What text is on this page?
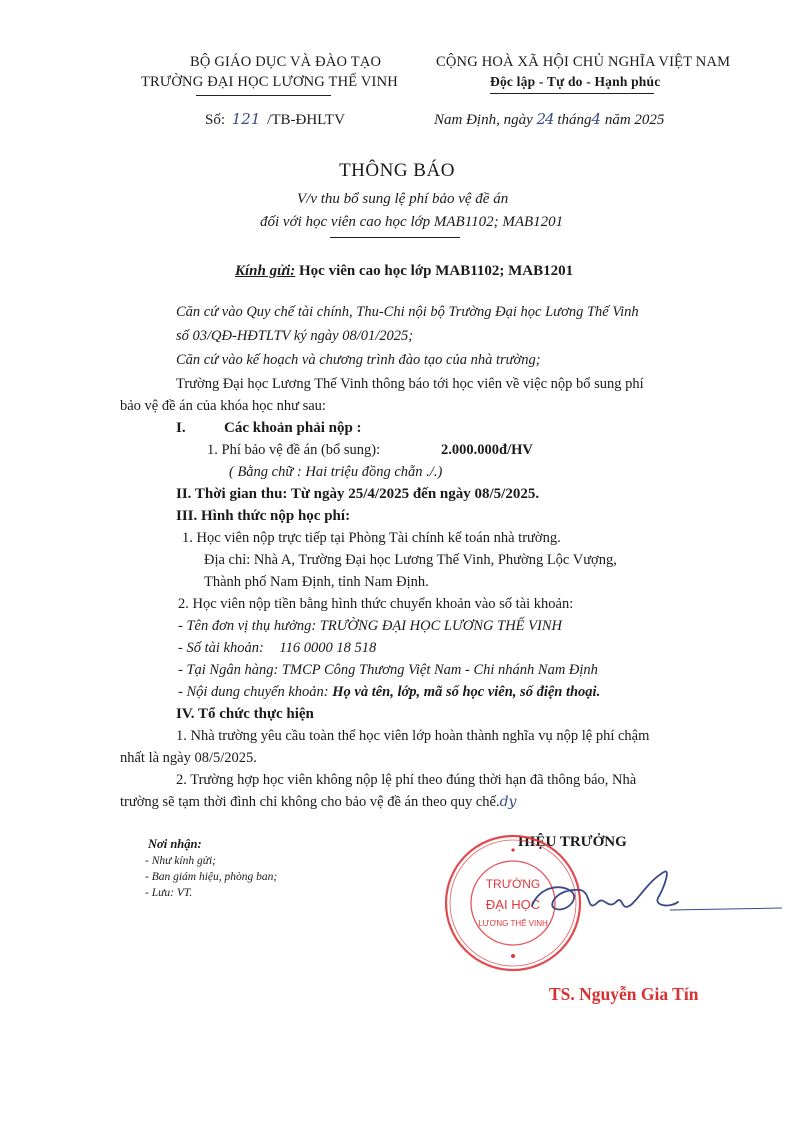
BỘ GIÁO DỤC VÀ ĐÀO TẠO
TRƯỜNG ĐẠI HỌC LƯƠNG THẾ VINH
CỘNG HOÀ XÃ HỘI CHỦ NGHĨA VIỆT NAM
Độc lập - Tự do - Hạnh phúc
Số: 121 /TB-ĐHLTV	Nam Định, ngày 24 tháng4 năm 2025
THÔNG BÁO
V/v thu bổ sung lệ phí bảo vệ đề án
đối với học viên cao học lớp MAB1102; MAB1201
Kính gửi: Học viên cao học lớp MAB1102; MAB1201
Căn cứ vào Quy chế tài chính, Thu-Chi nội bộ Trường Đại học Lương Thế Vinh
số 03/QĐ-HĐTLTV ký ngày 08/01/2025;
Căn cứ vào kế hoạch và chương trình đào tạo của nhà trường;
Trường Đại học Lương Thế Vinh thông báo tới học viên về việc nộp bổ sung phí
bảo vệ đề án của khóa học như sau:
I.	Các khoản phải nộp :
1. Phí bảo vệ đề án (bổ sung):	2.000.000đ/HV
( Bằng chữ : Hai triệu đồng chẵn ./.)
II. Thời gian thu: Từ ngày 25/4/2025 đến ngày 08/5/2025.
III. Hình thức nộp học phí:
1. Học viên nộp trực tiếp tại Phòng Tài chính kế toán nhà trường.
Địa chỉ: Nhà A, Trường Đại học Lương Thế Vinh, Phường Lộc Vượng,
Thành phố Nam Định, tỉnh Nam Định.
2. Học viên nộp tiền bằng hình thức chuyển khoản vào số tài khoản:
- Tên đơn vị thụ hưởng: TRƯỜNG ĐẠI HỌC LƯƠNG THẾ VINH
- Số tài khoản: 116 0000 18 518
- Tại Ngân hàng: TMCP Công Thương Việt Nam - Chi nhánh Nam Định
- Nội dung chuyển khoản: Họ và tên, lớp, mã số học viên, số điện thoại.
IV. Tổ chức thực hiện
1. Nhà trường yêu cầu toàn thể học viên lớp hoàn thành nghĩa vụ nộp lệ phí chậm
nhất là ngày 08/5/2025.
2. Trường hợp học viên không nộp lệ phí theo đúng thời hạn đã thông báo, Nhà
trường sẽ tạm thời đình chỉ không cho bảo vệ đề án theo quy chế.dy
Nơi nhận:
- Như kính gửi;
- Ban giám hiệu, phòng ban;
- Lưu: VT.
HIỆU TRƯỞNG
TRƯỜNG
ĐẠI HỌC
LƯƠNG THẾ VINH
TS. Nguyễn Gia Tín
